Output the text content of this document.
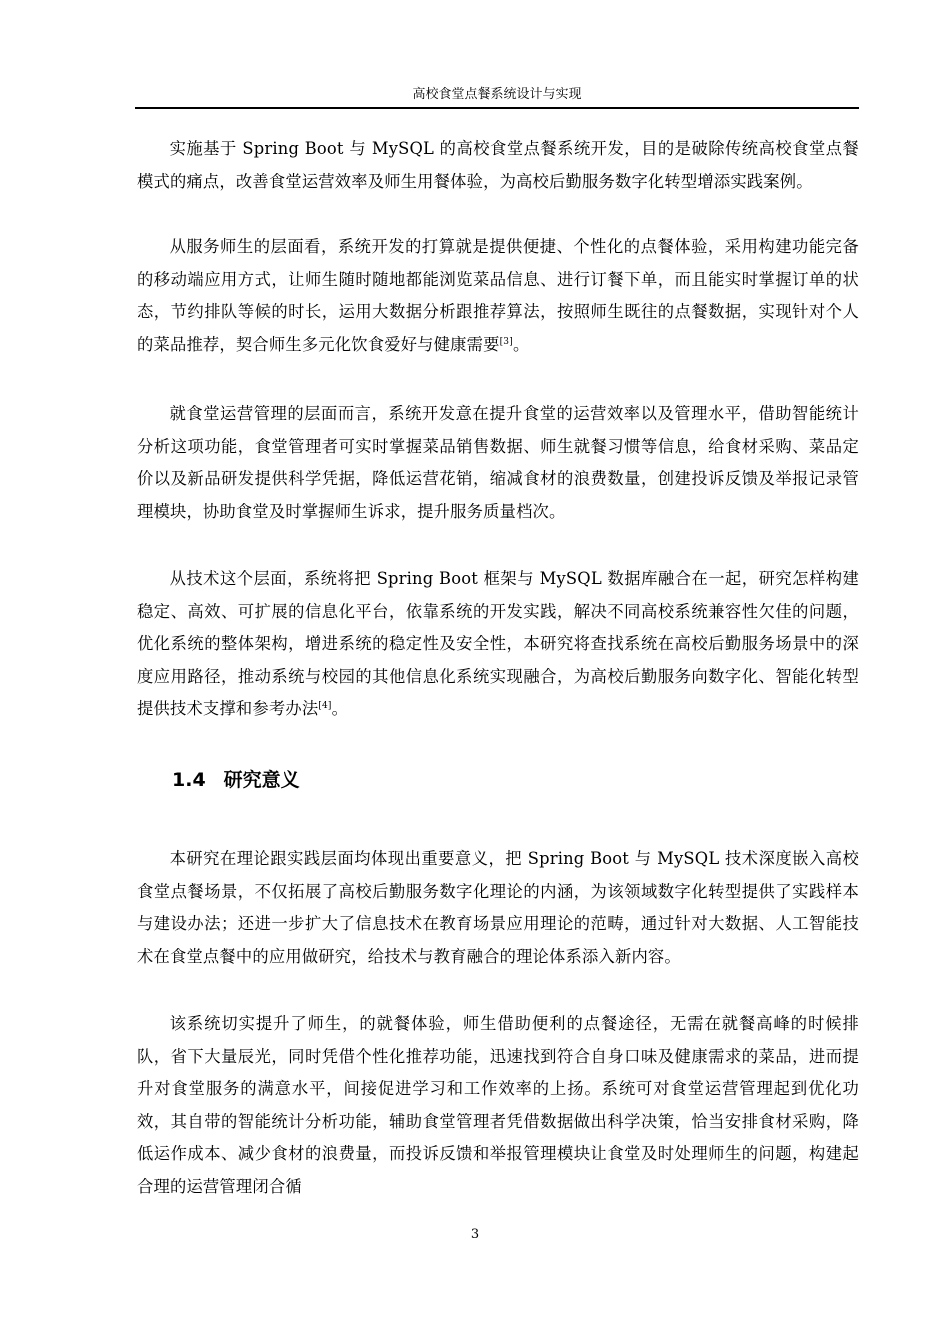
高校食堂点餐系统设计与实现

实施基于 Spring Boot 与 MySQL 的高校食堂点餐系统开发，目的是破除传统高校食堂点餐模式的痛点，改善食堂运营效率及师生用餐体验，为高校后勤服务数字化转型增添实践案例。

从服务师生的层面看，系统开发的打算就是提供便捷、个性化的点餐体验，采用构建功能完备的移动端应用方式，让师生随时随地都能浏览菜品信息、进行订餐下单，而且能实时掌握订单的状态，节约排队等候的时长，运用大数据分析跟推荐算法，按照师生既往的点餐数据，实现针对个人的菜品推荐，契合师生多元化饮食爱好与健康需要[3]。

就食堂运营管理的层面而言，系统开发意在提升食堂的运营效率以及管理水平，借助智能统计分析这项功能，食堂管理者可实时掌握菜品销售数据、师生就餐习惯等信息，给食材采购、菜品定价以及新品研发提供科学凭据，降低运营花销，缩减食材的浪费数量，创建投诉反馈及举报记录管理模块，协助食堂及时掌握师生诉求，提升服务质量档次。

从技术这个层面，系统将把 Spring Boot 框架与 MySQL 数据库融合在一起，研究怎样构建稳定、高效、可扩展的信息化平台，依靠系统的开发实践，解决不同高校系统兼容性欠佳的问题，优化系统的整体架构，增进系统的稳定性及安全性，本研究将查找系统在高校后勤服务场景中的深度应用路径，推动系统与校园的其他信息化系统实现融合，为高校后勤服务向数字化、智能化转型提供技术支撑和参考办法[4]。

1.4 研究意义

本研究在理论跟实践层面均体现出重要意义，把 Spring Boot 与 MySQL 技术深度嵌入高校食堂点餐场景，不仅拓展了高校后勤服务数字化理论的内涵，为该领域数字化转型提供了实践样本与建设办法；还进一步扩大了信息技术在教育场景应用理论的范畴，通过针对大数据、人工智能技术在食堂点餐中的应用做研究，给技术与教育融合的理论体系添入新内容。

该系统切实提升了师生，的就餐体验，师生借助便利的点餐途径，无需在就餐高峰的时候排队，省下大量辰光，同时凭借个性化推荐功能，迅速找到符合自身口味及健康需求的菜品，进而提升对食堂服务的满意水平，间接促进学习和工作效率的上扬。系统可对食堂运营管理起到优化功效，其自带的智能统计分析功能，辅助食堂管理者凭借数据做出科学决策，恰当安排食材采购，降低运作成本、减少食材的浪费量，而投诉反馈和举报管理模块让食堂及时处理师生的问题，构建起合理的运营管理闭合循

3
